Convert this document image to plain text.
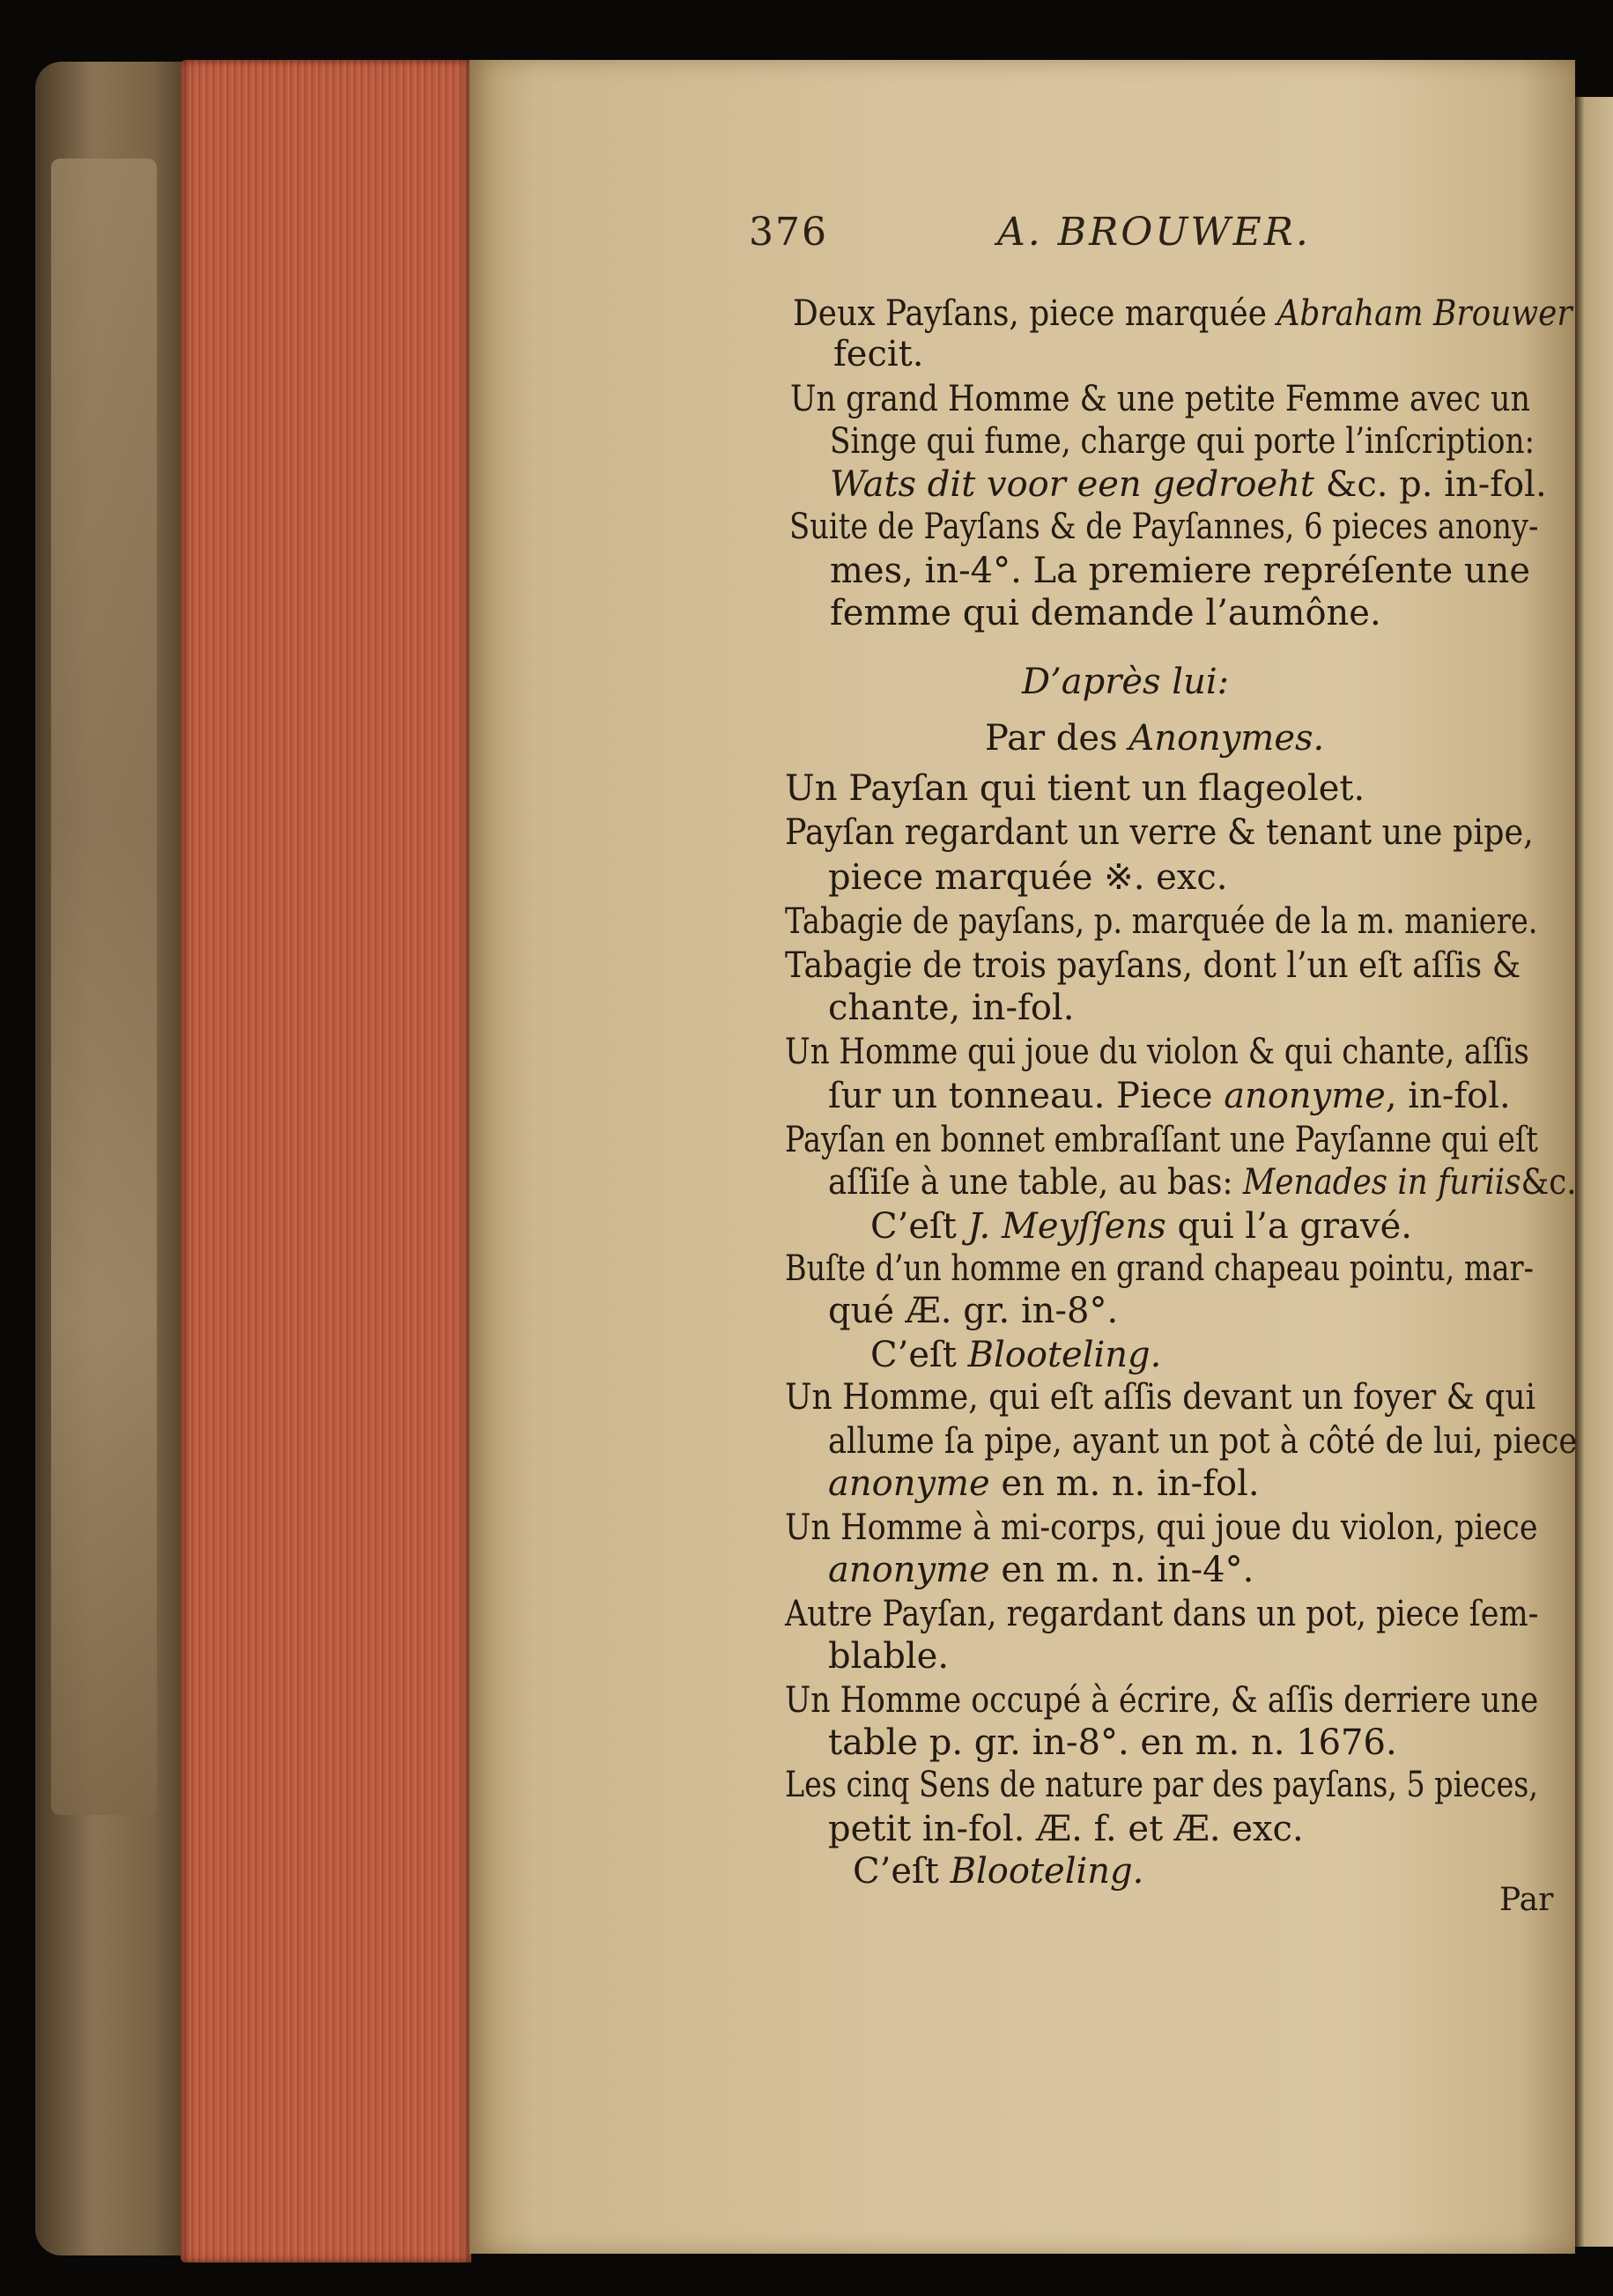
376	A. BROUWER.
Deux Payſans, piece marquée Abraham Brouwer
fecit.
Un grand Homme & une petite Femme avec un
Singe qui fume, charge qui porte l’inſcription:
Wats dit voor een gedroeht &c. p. in-fol.
Suite de Payſans & de Payſannes, 6 pieces anony-
mes, in-4°. La premiere repréſente une
femme qui demande l’aumône.
D’après lui:
Par des Anonymes.
Un Payſan qui tient un flageolet.
Payſan regardant un verre & tenant une pipe,
piece marquée ※. exc.
Tabagie de payſans, p. marquée de la m. maniere.
Tabagie de trois payſans, dont l’un eſt aſſis &
chante, in-fol.
Un Homme qui joue du violon & qui chante, aſſis
ſur un tonneau. Piece anonyme, in-fol.
Payſan en bonnet embraſſant une Payſanne qui eſt
aſſiſe à une table, au bas: Menades in furiis&c.
C’eſt J. Meyſſens qui l’a gravé.
Buſte d’un homme en grand chapeau pointu, mar-
qué Æ. gr. in-8°.
C’eſt Blooteling.
Un Homme, qui eſt aſſis devant un foyer & qui
allume ſa pipe, ayant un pot à côté de lui, piece
anonyme en m. n. in-fol.
Un Homme à mi-corps, qui joue du violon, piece
anonyme en m. n. in-4°.
Autre Payſan, regardant dans un pot, piece ſem-
blable.
Un Homme occupé à écrire, & aſſis derriere une
table p. gr. in-8°. en m. n. 1676.
Les cinq Sens de nature par des payſans, 5 pieces,
petit in-fol. Æ. f. et Æ. exc.
C’eſt Blooteling.
Par
